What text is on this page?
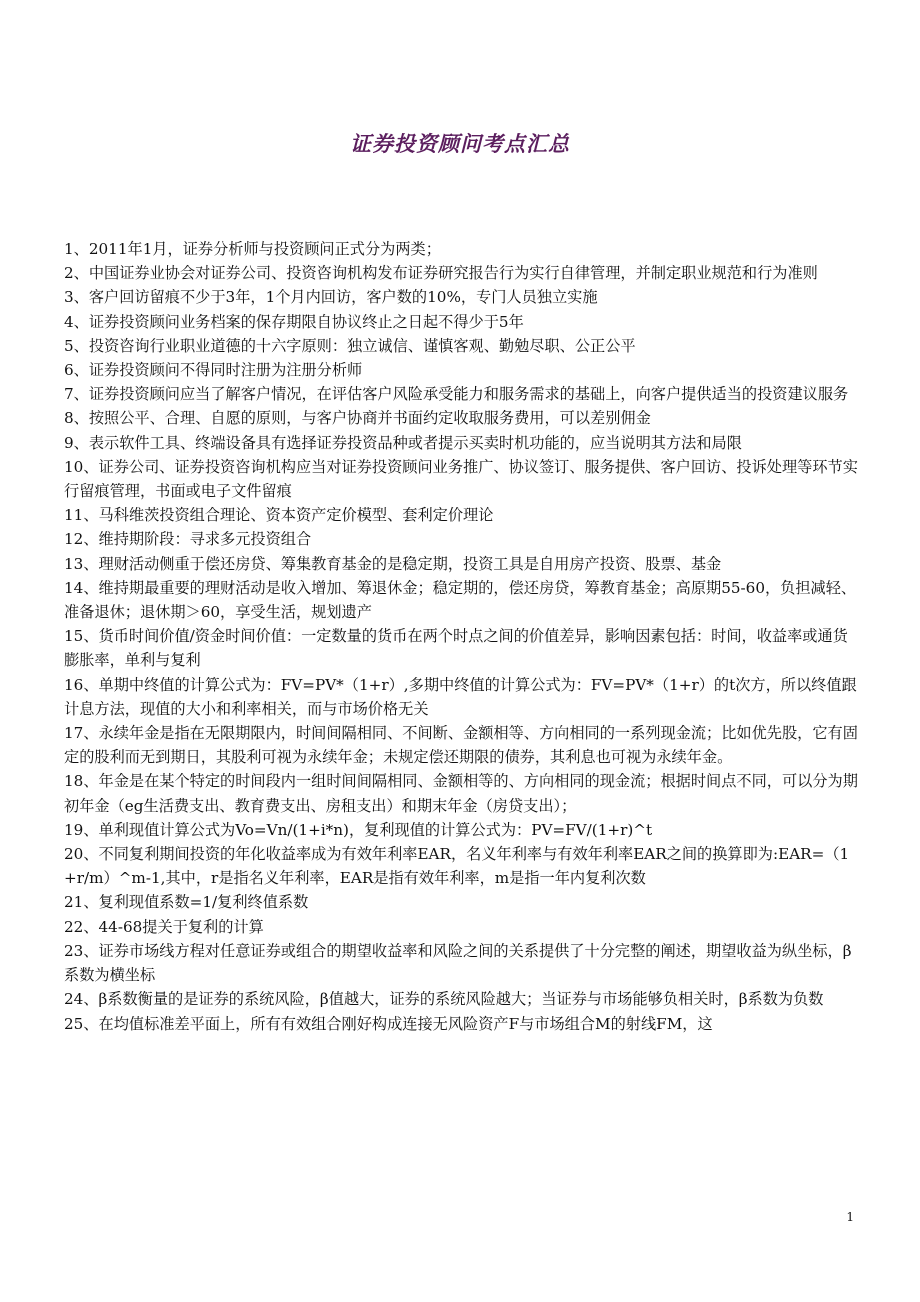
证券投资顾问考点汇总

1、2011年1月，证券分析师与投资顾问正式分为两类；

2、中国证券业协会对证券公司、投资咨询机构发布证券研究报告行为实行自律管理，并制定职业规范和行为准则

3、客户回访留痕不少于3年，1个月内回访，客户数的10%，专门人员独立实施

4、证券投资顾问业务档案的保存期限自协议终止之日起不得少于5年

5、投资咨询行业职业道德的十六字原则：独立诚信、谨慎客观、勤勉尽职、公正公平

6、证券投资顾问不得同时注册为注册分析师

7、证券投资顾问应当了解客户情况，在评估客户风险承受能力和服务需求的基础上，向客户提供适当的投资建议服务

8、按照公平、合理、自愿的原则，与客户协商并书面约定收取服务费用，可以差别佣金

9、表示软件工具、终端设备具有选择证券投资品种或者提示买卖时机功能的，应当说明其方法和局限

10、证券公司、证券投资咨询机构应当对证券投资顾问业务推广、协议签订、服务提供、客户回访、投诉处理等环节实行留痕管理，书面或电子文件留痕

11、马科维茨投资组合理论、资本资产定价模型、套利定价理论

12、维持期阶段：寻求多元投资组合

13、理财活动侧重于偿还房贷、筹集教育基金的是稳定期，投资工具是自用房产投资、股票、基金

14、维持期最重要的理财活动是收入增加、筹退休金；稳定期的，偿还房贷，筹教育基金；高原期55-60，负担减轻、准备退休；退休期＞60，享受生活，规划遗产

15、货币时间价值/资金时间价值：一定数量的货币在两个时点之间的价值差异，影响因素包括：时间，收益率或通货膨胀率，单利与复利

16、单期中终值的计算公式为：FV=PV*（1+r）,多期中终值的计算公式为：FV=PV*（1+r）的t次方，所以终值跟计息方法，现值的大小和利率相关，而与市场价格无关

17、永续年金是指在无限期限内，时间间隔相同、不间断、金额相等、方向相同的一系列现金流；比如优先股，它有固定的股利而无到期日，其股利可视为永续年金；未规定偿还期限的债券，其利息也可视为永续年金。

18、年金是在某个特定的时间段内一组时间间隔相同、金额相等的、方向相同的现金流；根据时间点不同，可以分为期初年金（eg生活费支出、教育费支出、房租支出）和期末年金（房贷支出）；

19、单利现值计算公式为Vo=Vn/(1+i*n)，复利现值的计算公式为：PV=FV/(1+r)^t

20、不同复利期间投资的年化收益率成为有效年利率EAR，名义年利率与有效年利率EAR之间的换算即为:EAR=（1+r/m）^m-1,其中，r是指名义年利率，EAR是指有效年利率，m是指一年内复利次数

21、复利现值系数=1/复利终值系数

22、44-68提关于复利的计算

23、证券市场线方程对任意证券或组合的期望收益率和风险之间的关系提供了十分完整的阐述，期望收益为纵坐标，β系数为横坐标

24、β系数衡量的是证券的系统风险，β值越大，证券的系统风险越大；当证券与市场能够负相关时，β系数为负数

25、在均值标准差平面上，所有有效组合刚好构成连接无风险资产F与市场组合M的射线FM，这

1
